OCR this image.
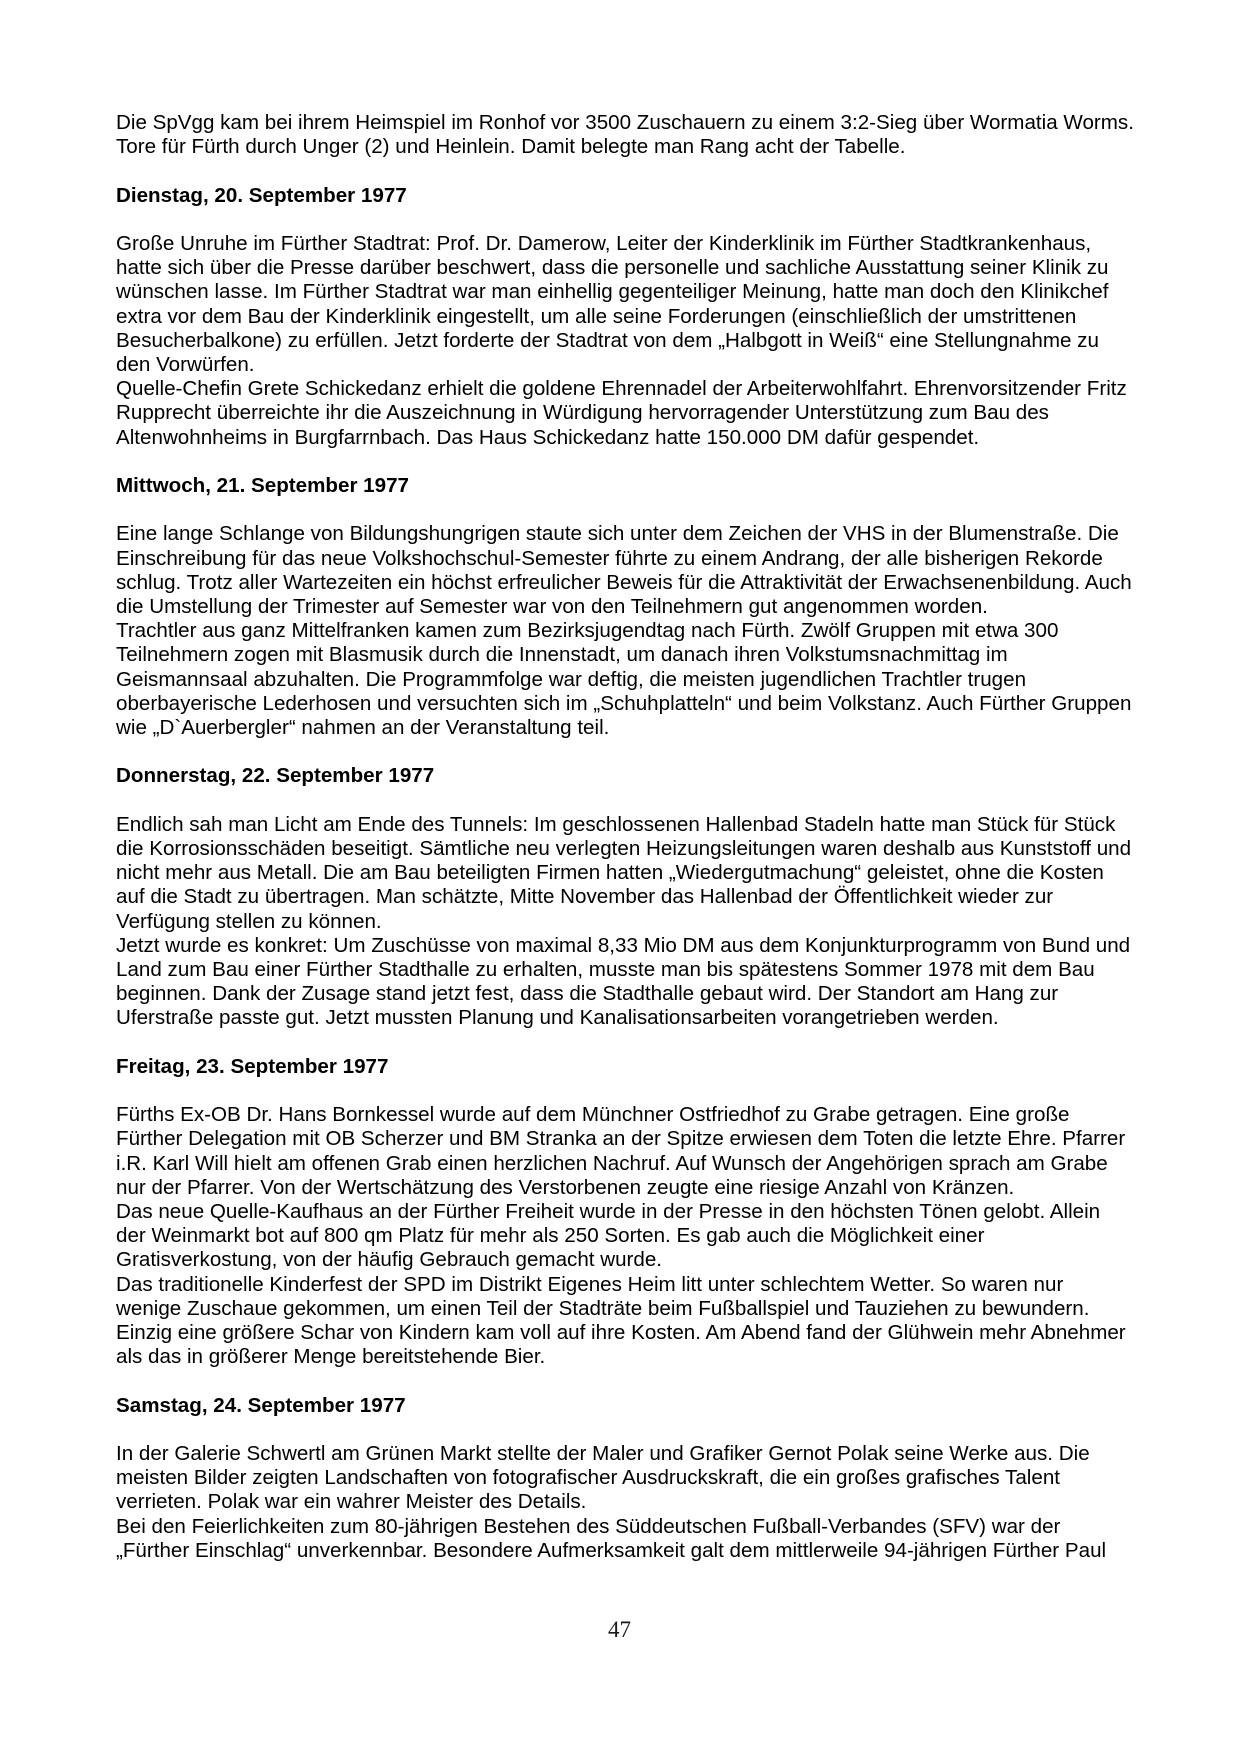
Die SpVgg kam bei ihrem Heimspiel im Ronhof vor 3500 Zuschauern zu einem 3:2-Sieg über Wormatia Worms. Tore für Fürth durch Unger (2) und Heinlein. Damit belegte man Rang acht der Tabelle.

Dienstag, 20. September 1977

Große Unruhe im Fürther Stadtrat: Prof. Dr. Damerow, Leiter der Kinderklinik im Fürther Stadtkrankenhaus, hatte sich über die Presse darüber beschwert, dass die personelle und sachliche Ausstattung seiner Klinik zu wünschen lasse. Im Fürther Stadtrat war man einhellig gegenteiliger Meinung, hatte man doch den Klinikchef extra vor dem Bau der Kinderklinik eingestellt, um alle seine Forderungen (einschließlich der umstrittenen Besucherbalkone) zu erfüllen. Jetzt forderte der Stadtrat von dem „Halbgott in Weiß“ eine Stellungnahme zu den Vorwürfen.

Quelle-Chefin Grete Schickedanz erhielt die goldene Ehrennadel der Arbeiterwohlfahrt. Ehrenvorsitzender Fritz Rupprecht überreichte ihr die Auszeichnung in Würdigung hervorragender Unterstützung zum Bau des Altenwohnheims in Burgfarrnbach. Das Haus Schickedanz hatte 150.000 DM dafür gespendet.

Mittwoch, 21. September 1977

Eine lange Schlange von Bildungshungrigen staute sich unter dem Zeichen der VHS in der Blumenstraße. Die Einschreibung für das neue Volkshochschul-Semester führte zu einem Andrang, der alle bisherigen Rekorde schlug. Trotz aller Wartezeiten ein höchst erfreulicher Beweis für die Attraktivität der Erwachsenenbildung. Auch die Umstellung der Trimester auf Semester war von den Teilnehmern gut angenommen worden.

Trachtler aus ganz Mittelfranken kamen zum Bezirksjugendtag nach Fürth. Zwölf Gruppen mit etwa 300 Teilnehmern zogen mit Blasmusik durch die Innenstadt, um danach ihren Volkstumsnachmittag im Geismannsaal abzuhalten. Die Programmfolge war deftig, die meisten jugendlichen Trachtler trugen oberbayerische Lederhosen und versuchten sich im „Schuhplatteln“ und beim Volkstanz. Auch Fürther Gruppen wie „D`Auerbergler“ nahmen an der Veranstaltung teil.

Donnerstag, 22. September 1977

Endlich sah man Licht am Ende des Tunnels: Im geschlossenen Hallenbad Stadeln hatte man Stück für Stück die Korrosionsschäden beseitigt. Sämtliche neu verlegten Heizungsleitungen waren deshalb aus Kunststoff und nicht mehr aus Metall. Die am Bau beteiligten Firmen hatten „Wiedergutmachung“ geleistet, ohne die Kosten auf die Stadt zu übertragen. Man schätzte, Mitte November das Hallenbad der Öffentlichkeit wieder zur Verfügung stellen zu können.

Jetzt wurde es konkret: Um Zuschüsse von maximal 8,33 Mio DM aus dem Konjunkturprogramm von Bund und Land zum Bau einer Fürther Stadthalle zu erhalten, musste man bis spätestens Sommer 1978 mit dem Bau beginnen. Dank der Zusage stand jetzt fest, dass die Stadthalle gebaut wird. Der Standort am Hang zur Uferstraße passte gut. Jetzt mussten Planung und Kanalisationsarbeiten vorangetrieben werden.

Freitag, 23. September 1977

Fürths Ex-OB Dr. Hans Bornkessel wurde auf dem Münchner Ostfriedhof zu Grabe getragen. Eine große Fürther Delegation mit OB Scherzer und BM Stranka an der Spitze erwiesen dem Toten die letzte Ehre. Pfarrer i.R. Karl Will hielt am offenen Grab einen herzlichen Nachruf. Auf Wunsch der Angehörigen sprach am Grabe nur der Pfarrer. Von der Wertschätzung des Verstorbenen zeugte eine riesige Anzahl von Kränzen.

Das neue Quelle-Kaufhaus an der Fürther Freiheit wurde in der Presse in den höchsten Tönen gelobt. Allein der Weinmarkt bot auf 800 qm Platz für mehr als 250 Sorten. Es gab auch die Möglichkeit einer Gratisverkostung, von der häufig Gebrauch gemacht wurde.

Das traditionelle Kinderfest der SPD im Distrikt Eigenes Heim litt unter schlechtem Wetter. So waren nur wenige Zuschaue gekommen, um einen Teil der Stadträte beim Fußballspiel und Tauziehen zu bewundern. Einzig eine größere Schar von Kindern kam voll auf ihre Kosten. Am Abend fand der Glühwein mehr Abnehmer als das in größerer Menge bereitstehende Bier.

Samstag, 24. September 1977

In der Galerie Schwertl am Grünen Markt stellte der Maler und Grafiker Gernot Polak seine Werke aus. Die meisten Bilder zeigten Landschaften von fotografischer Ausdruckskraft, die ein großes grafisches Talent verrieten. Polak war ein wahrer Meister des Details.

Bei den Feierlichkeiten zum 80-jährigen Bestehen des Süddeutschen Fußball-Verbandes (SFV) war der „Fürther Einschlag“ unverkennbar. Besondere Aufmerksamkeit galt dem mittlerweile 94-jährigen Fürther Paul

47
